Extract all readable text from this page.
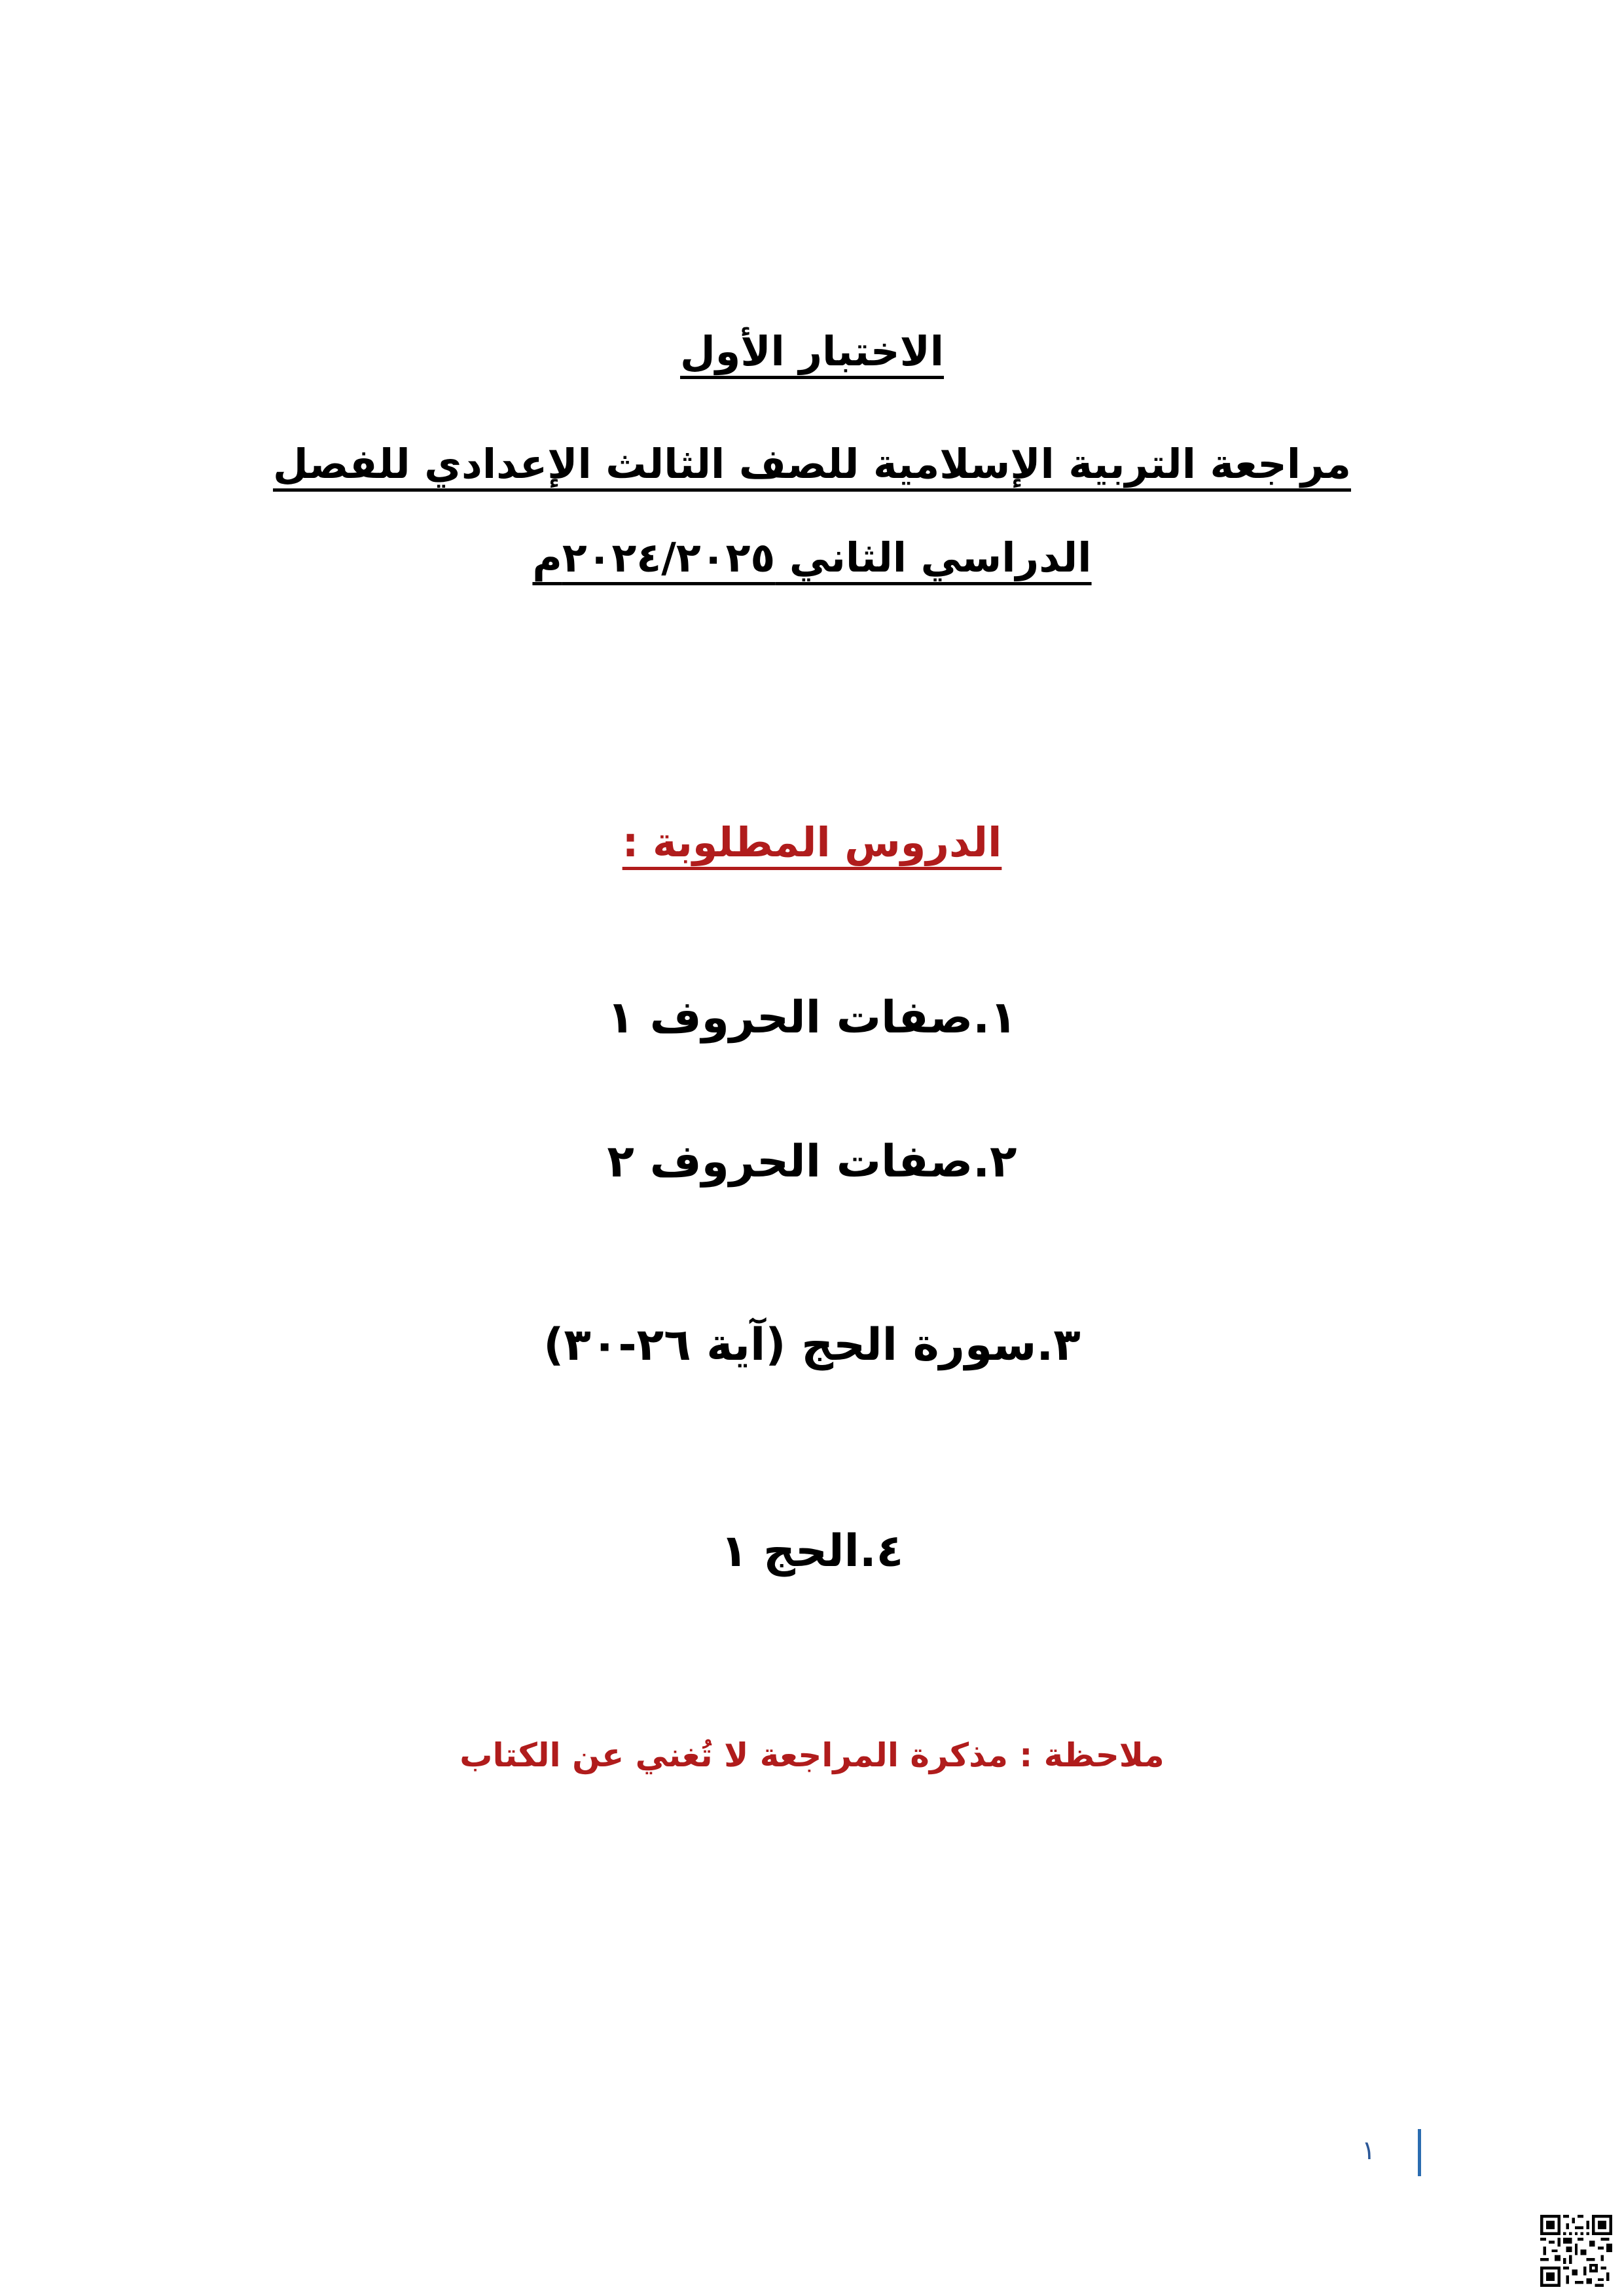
الاختبار الأول
مراجعة التربية الإسلامية للصف الثالث الإعدادي للفصل
الدراسي الثاني ٢٠٢٤/٢٠٢٥م
الدروس المطلوبة :
١.صفات الحروف ١
٢.صفات الحروف ٢
٣.سورة الحج (آية ٢٦-٣٠)
٤.الحج ١
ملاحظة : مذكرة المراجعة لا تُغني عن الكتاب
١
